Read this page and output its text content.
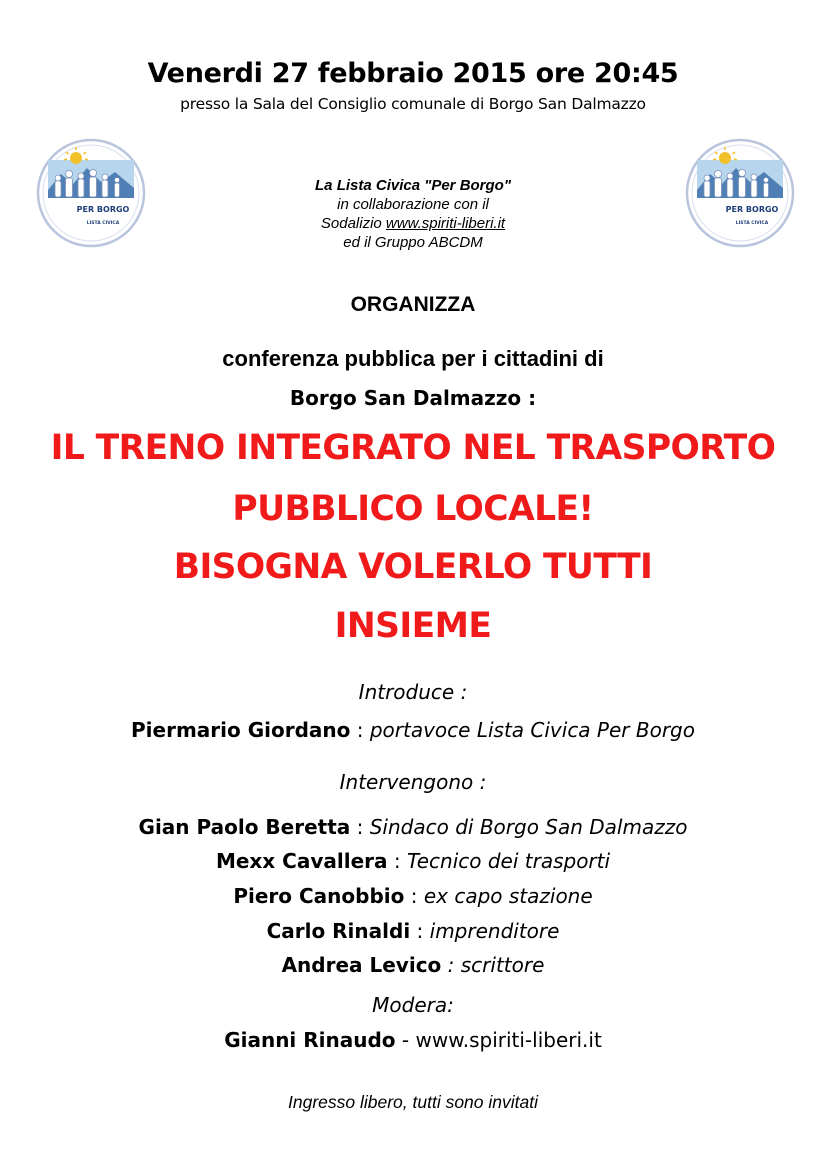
Venerdi 27 febbraio 2015 ore 20:45
presso la Sala del Consiglio comunale di Borgo San Dalmazzo
PER BORGO
LISTA CIVICA
PER BORGO
LISTA CIVICA
La Lista Civica "Per Borgo"
in collaborazione con il
Sodalizio www.spiriti-liberi.it
ed il Gruppo ABCDM
ORGANIZZA
conferenza pubblica per i cittadini di
Borgo San Dalmazzo :
IL TRENO INTEGRATO NEL TRASPORTO
PUBBLICO LOCALE!
BISOGNA VOLERLO TUTTI
INSIEME
Introduce :
Piermario Giordano : portavoce Lista Civica Per Borgo
Intervengono :
Gian Paolo Beretta : Sindaco di Borgo San Dalmazzo
Mexx Cavallera : Tecnico dei trasporti
Piero Canobbio : ex capo stazione
Carlo Rinaldi : imprenditore
Andrea Levico : scrittore
Modera:
Gianni Rinaudo - www.spiriti-liberi.it
Ingresso libero, tutti sono invitati
